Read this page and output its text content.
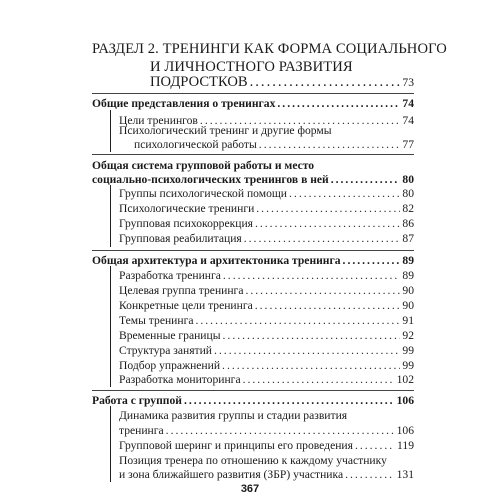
РАЗДЕЛ 2. ТРЕНИНГИ КАК ФОРМА СОЦИАЛЬНОГО
И ЛИЧНОСТНОГО РАЗВИТИЯ
ПОДРОСТКОВ .....	73
Общие представления о тренингах .....	74
Цели тренингов .....	74
Психологический тренинг и другие формы
психологической работы .....	77
Общая система групповой работы и место
социально-психологических тренингов в ней .....	80
Группы психологической помощи .....	80
Психологические тренинги .....	82
Групповая психокоррекция .....	86
Групповая реабилитация .....	87
Общая архитектура и архитектоника тренинга .....	89
Разработка тренинга .....	89
Целевая группа тренинга .....	90
Конкретные цели тренинга .....	90
Темы тренинга .....	91
Временные границы .....	92
Структура занятий .....	99
Подбор упражнений .....	99
Разработка мониторинга .....	102
Работа с группой .....	106
Динамика развития группы и стадии развития
тренинга .....	106
Групповой шеринг и принципы его проведения .....	119
Позиция тренера по отношению к каждому участнику
и зона ближайшего развития (ЗБР) участника .....	131
367
